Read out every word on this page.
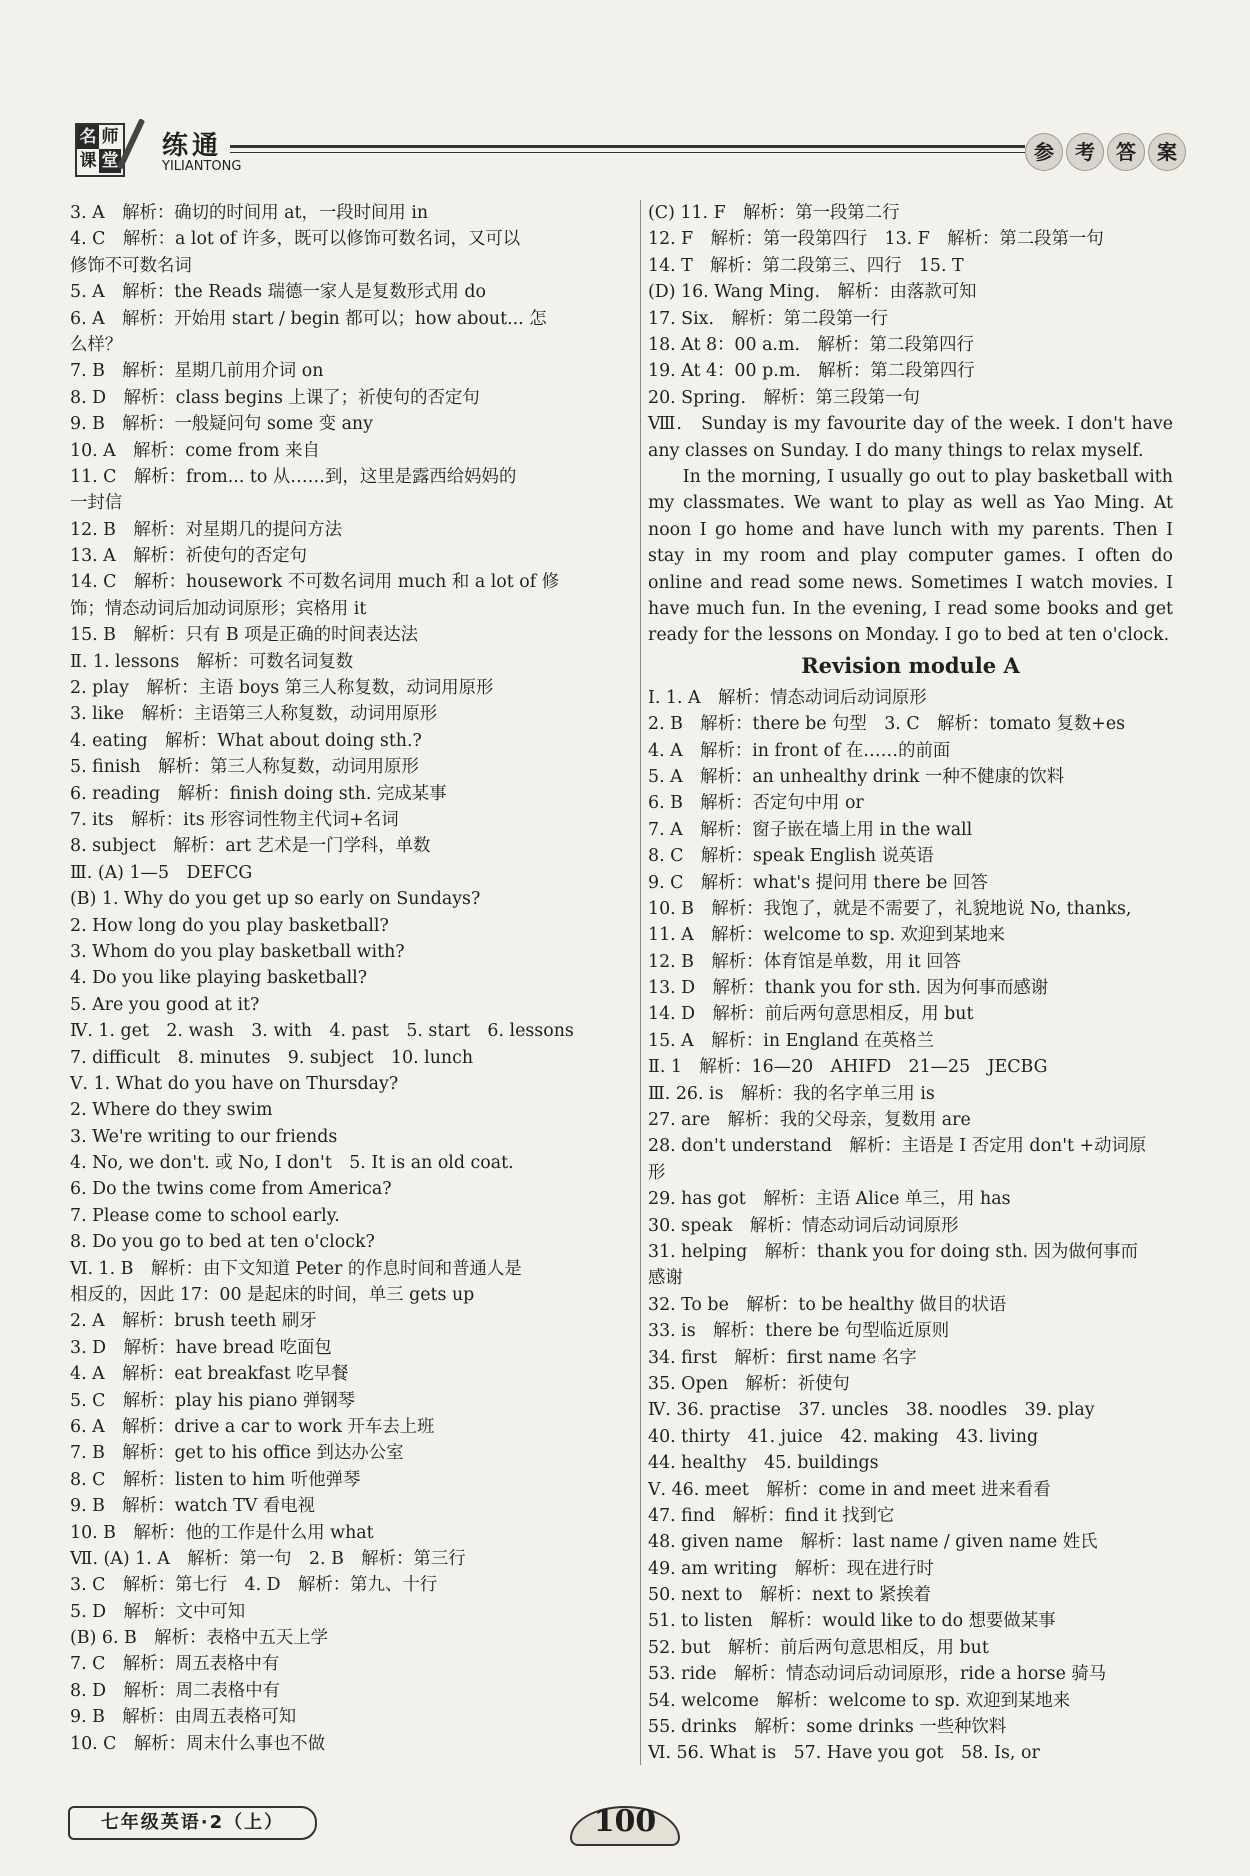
名 师
课 堂 练通
YILIANTONG
参	考	答	案
3. A　解析：确切的时间用 at，一段时间用 in
4. C　解析：a lot of 许多，既可以修饰可数名词，又可以
修饰不可数名词
5. A　解析：the Reads 瑞德一家人是复数形式用 do
6. A　解析：开始用 start / begin 都可以；how about... 怎
么样？
7. B　解析：星期几前用介词 on
8. D　解析：class begins 上课了；祈使句的否定句
9. B　解析：一般疑问句 some 变 any
10. A　解析：come from 来自
11. C　解析：from... to 从……到，这里是露西给妈妈的
一封信
12. B　解析：对星期几的提问方法
13. A　解析：祈使句的否定句
14. C　解析：housework 不可数名词用 much 和 a lot of 修
饰；情态动词后加动词原形；宾格用 it
15. B　解析：只有 B 项是正确的时间表达法
Ⅱ. 1. lessons　解析：可数名词复数
2. play　解析：主语 boys 第三人称复数，动词用原形
3. like　解析：主语第三人称复数，动词用原形
4. eating　解析：What about doing sth.?
5. finish　解析：第三人称复数，动词用原形
6. reading　解析：finish doing sth. 完成某事
7. its　解析：its 形容词性物主代词+名词
8. subject　解析：art 艺术是一门学科，单数
Ⅲ. (A) 1—5　DEFCG
(B) 1. Why do you get up so early on Sundays?
2. How long do you play basketball?
3. Whom do you play basketball with?
4. Do you like playing basketball?
5. Are you good at it?
Ⅳ. 1. get　2. wash　3. with　4. past　5. start　6. lessons
7. difficult　8. minutes　9. subject　10. lunch
Ⅴ. 1. What do you have on Thursday?
2. Where do they swim
3. We're writing to our friends
4. No, we don't. 或 No, I don't　5. It is an old coat.
6. Do the twins come from America?
7. Please come to school early.
8. Do you go to bed at ten o'clock?
Ⅵ. 1. B　解析：由下文知道 Peter 的作息时间和普通人是
相反的，因此 17：00 是起床的时间，单三 gets up
2. A　解析：brush teeth 刷牙
3. D　解析：have bread 吃面包
4. A　解析：eat breakfast 吃早餐
5. C　解析：play his piano 弹钢琴
6. A　解析：drive a car to work 开车去上班
7. B　解析：get to his office 到达办公室
8. C　解析：listen to him 听他弹琴
9. B　解析：watch TV 看电视
10. B　解析：他的工作是什么用 what
Ⅶ. (A) 1. A　解析：第一句　2. B　解析：第三行
3. C　解析：第七行　4. D　解析：第九、十行
5. D　解析：文中可知
(B) 6. B　解析：表格中五天上学
7. C　解析：周五表格中有
8. D　解析：周二表格中有
9. B　解析：由周五表格可知
10. C　解析：周末什么事也不做
(C) 11. F　解析：第一段第二行
12. F　解析：第一段第四行　13. F　解析：第二段第一句
14. T　解析：第二段第三、四行　15. T
(D) 16. Wang Ming.　解析：由落款可知
17. Six.　解析：第二段第一行
18. At 8：00 a.m.　解析：第二段第四行
19. At 4：00 p.m.　解析：第二段第四行
20. Spring.　解析：第三段第一句
Ⅷ.　Sunday is my favourite day of the week. I don't have any classes on Sunday. I do many things to relax myself.
In the morning, I usually go out to play basketball with my classmates. We want to play as well as Yao Ming. At noon I go home and have lunch with my parents. Then I stay in my room and play computer games. I often do online and read some news. Sometimes I watch movies. I have much fun. In the evening, I read some books and get ready for the lessons on Monday. I go to bed at ten o'clock.
Revision module A
Ⅰ. 1. A　解析：情态动词后动词原形
2. B　解析：there be 句型　3. C　解析：tomato 复数+es
4. A　解析：in front of 在……的前面
5. A　解析：an unhealthy drink 一种不健康的饮料
6. B　解析：否定句中用 or
7. A　解析：窗子嵌在墙上用 in the wall
8. C　解析：speak English 说英语
9. C　解析：what's 提问用 there be 回答
10. B　解析：我饱了，就是不需要了，礼貌地说 No, thanks,
11. A　解析：welcome to sp. 欢迎到某地来
12. B　解析：体育馆是单数，用 it 回答
13. D　解析：thank you for sth. 因为何事而感谢
14. D　解析：前后两句意思相反，用 but
15. A　解析：in England 在英格兰
Ⅱ. 1　解析：16—20　AHIFD　21—25　JECBG
Ⅲ. 26. is　解析：我的名字单三用 is
27. are　解析：我的父母亲，复数用 are
28. don't understand　解析：主语是 I 否定用 don't +动词原
形
29. has got　解析：主语 Alice 单三，用 has
30. speak　解析：情态动词后动词原形
31. helping　解析：thank you for doing sth. 因为做何事而
感谢
32. To be　解析：to be healthy 做目的状语
33. is　解析：there be 句型临近原则
34. first　解析：first name 名字
35. Open　解析：祈使句
Ⅳ. 36. practise　37. uncles　38. noodles　39. play
40. thirty　41. juice　42. making　43. living
44. healthy　45. buildings
Ⅴ. 46. meet　解析：come in and meet 进来看看
47. find　解析：find it 找到它
48. given name　解析：last name / given name 姓氏
49. am writing　解析：现在进行时
50. next to　解析：next to 紧挨着
51. to listen　解析：would like to do 想要做某事
52. but　解析：前后两句意思相反，用 but
53. ride　解析：情态动词后动词原形，ride a horse 骑马
54. welcome　解析：welcome to sp. 欢迎到某地来
55. drinks　解析：some drinks 一些种饮料
Ⅵ. 56. What is　57. Have you got　58. Is, or
七年级英语·2（上）	100
